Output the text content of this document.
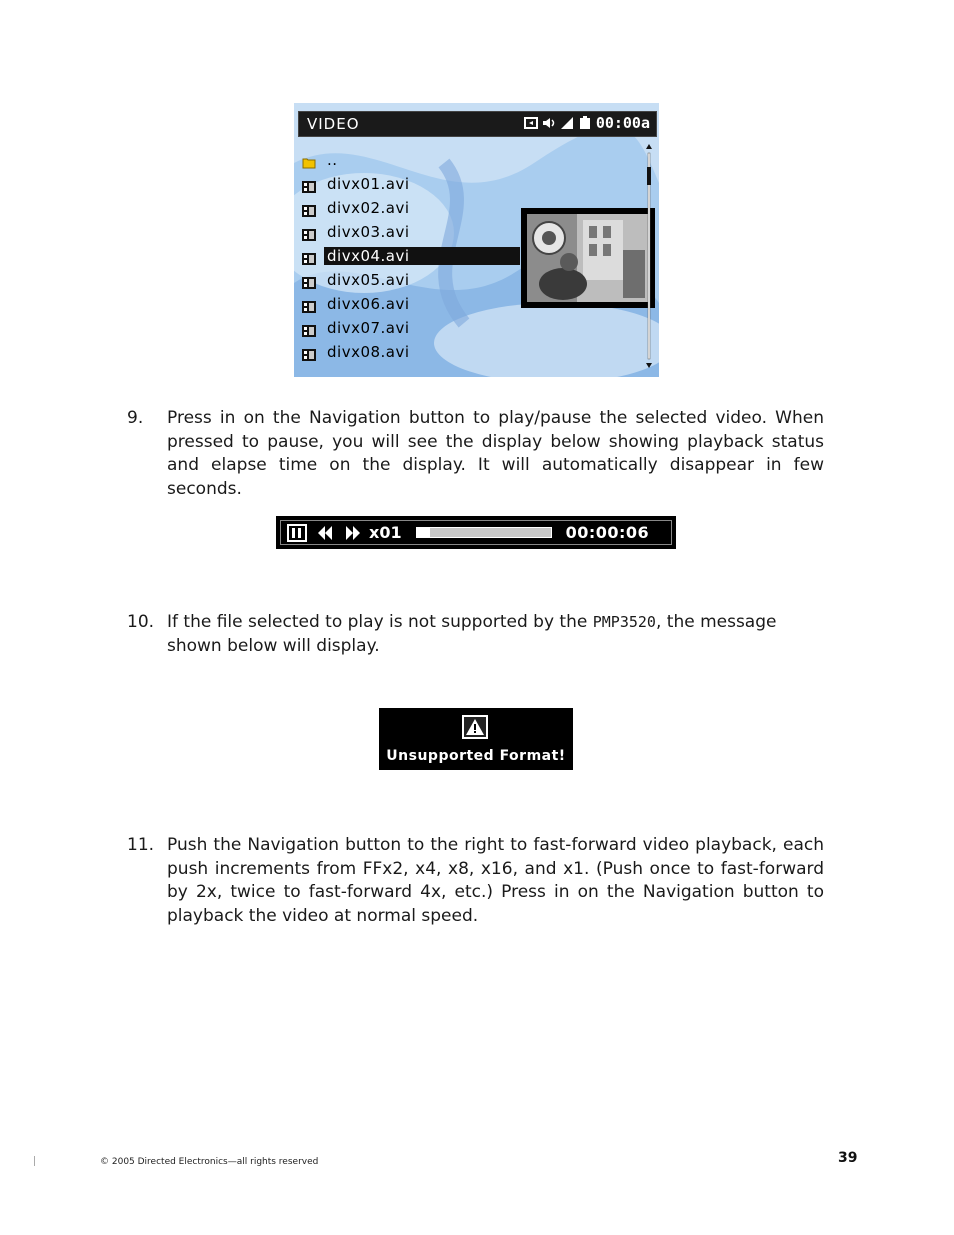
VIDEO	00:00a
..
divx01.avi
divx02.avi
divx03.avi
divx04.avi
divx05.avi
divx06.avi
divx07.avi
divx08.avi
9. Press in on the Navigation button to play/pause the selected video. When pressed to pause, you will see the display below showing playback status and elapse time on the display. It will automatically disappear in few seconds.
x01	00:00:06
10. If the file selected to play is not supported by the PMP3520, the message shown below will display.
Unsupported Format!
11. Push the Navigation button to the right to fast-forward video playback, each push increments from FFx2, x4, x8, x16, and x1. (Push once to fast-forward by 2x, twice to fast-forward 4x, etc.) Press in on the Navigation button to playback the video at normal speed.
© 2005 Directed Electronics—all rights reserved	39
